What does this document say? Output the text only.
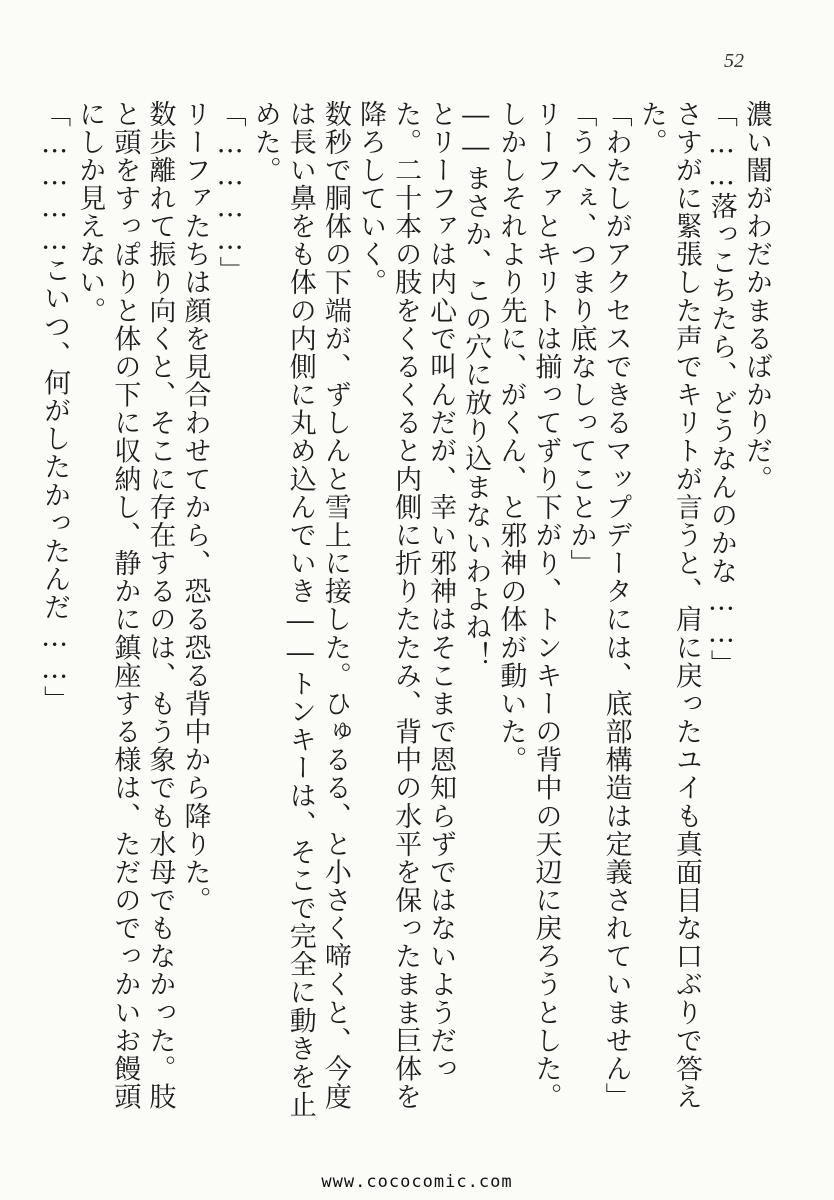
52

濃い闇がわだかまるばかりだ。

「……落っこちたら、どうなんのかな……」

さすがに緊張した声でキリトが言うと、肩に戻ったユイも真面目な口ぶりで答えた。

「わたしがアクセスできるマップデータには、底部構造は定義されていません」

「うへぇ、つまり底なしってことか」

リーファとキリトは揃ってずり下がり、トンキーの背中の天辺に戻ろうとした。しかしそれより先に、がくん、と邪神の体が動いた。

――まさか、この穴に放り込まないわよね！

とリーファは内心で叫んだが、幸い邪神はそこまで恩知らずではないようだった。二十本の肢をくるくると内側に折りたたみ、背中の水平を保ったまま巨体を降ろしていく。

数秒で胴体の下端が、ずしんと雪上に接した。ひゅるる、と小さく啼くと、今度は長い鼻をも体の内側に丸め込んでいき――トンキーは、そこで完全に動きを止めた。

「…………」

リーファたちは顔を見合わせてから、恐る恐る背中から降りた。

数歩離れて振り向くと、そこに存在するのは、もう象でも水母でもなかった。肢と頭をすっぽりと体の下に収納し、静かに鎮座する様は、ただのでっかいお饅頭にしか見えない。

「…………こいつ、何がしたかったんだ……」

www.cococomic.com
